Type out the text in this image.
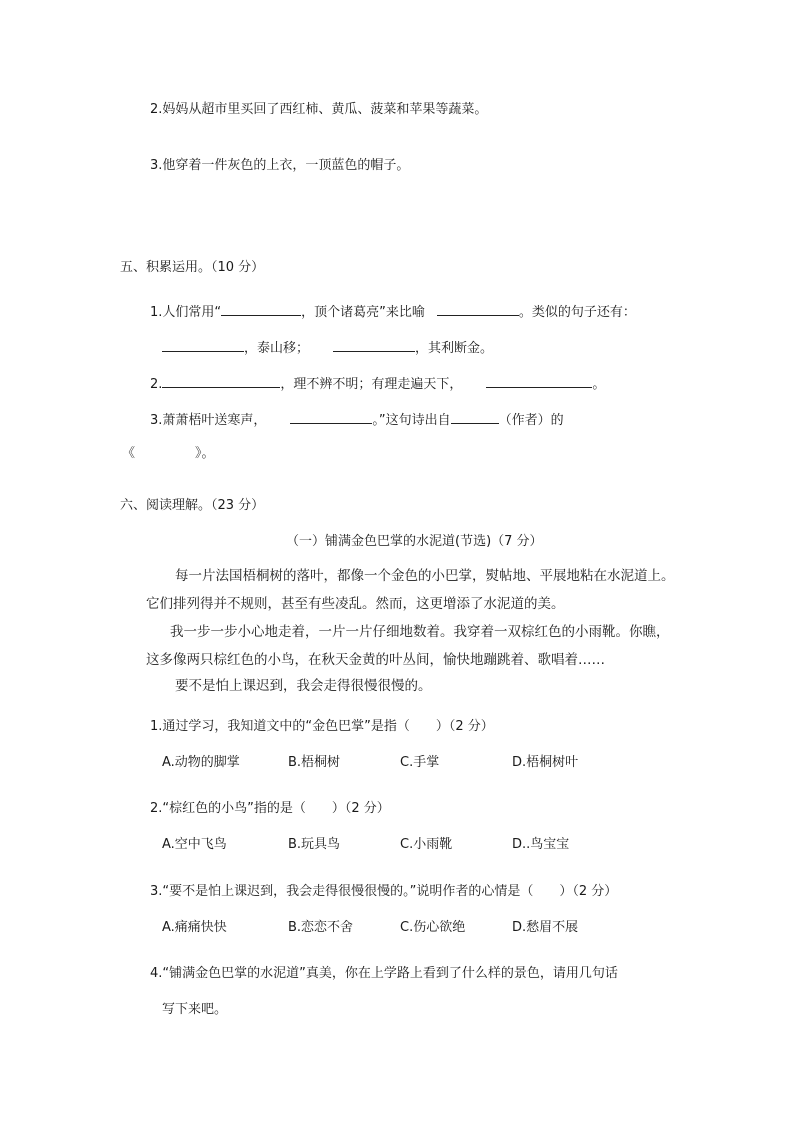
2.妈妈从超市里买回了西红柿、黄瓜、菠菜和苹果等蔬菜。
3.他穿着一件灰色的上衣，一顶蓝色的帽子。
五、积累运用。（10 分）
1.人们常用“	，顶个诸葛亮”来比喻	。类似的句子还有：
，泰山移；	，其利断金。
2.	，理不辨不明；有理走遍天下，	。
3.萧萧梧叶送寒声，	。”这句诗出自	（作者）的
《	》。
六、阅读理解。（23 分）
（一）铺满金色巴掌的水泥道(节选)（7 分）
每一片法国梧桐树的落叶，都像一个金色的小巴掌，熨帖地、平展地粘在水泥道上。
它们排列得并不规则，甚至有些凌乱。然而，这更增添了水泥道的美。
我一步一步小心地走着，一片一片仔细地数着。我穿着一双棕红色的小雨靴。你瞧，
这多像两只棕红色的小鸟，在秋天金黄的叶丛间，愉快地蹦跳着、歌唱着……
要不是怕上课迟到，我会走得很慢很慢的。
1.通过学习，我知道文中的“金色巴掌”是指（　　）（2 分）
A.动物的脚掌	B.梧桐树	C.手掌	D.梧桐树叶
2.“棕红色的小鸟”指的是（　　）（2 分）
A.空中飞鸟	B.玩具鸟	C.小雨靴	D..鸟宝宝
3.“要不是怕上课迟到，我会走得很慢很慢的。”说明作者的心情是（　　）（2 分）
A.痛痛快快	B.恋恋不舍	C.伤心欲绝	D.愁眉不展
4.“铺满金色巴掌的水泥道”真美，你在上学路上看到了什么样的景色，请用几句话
写下来吧。
